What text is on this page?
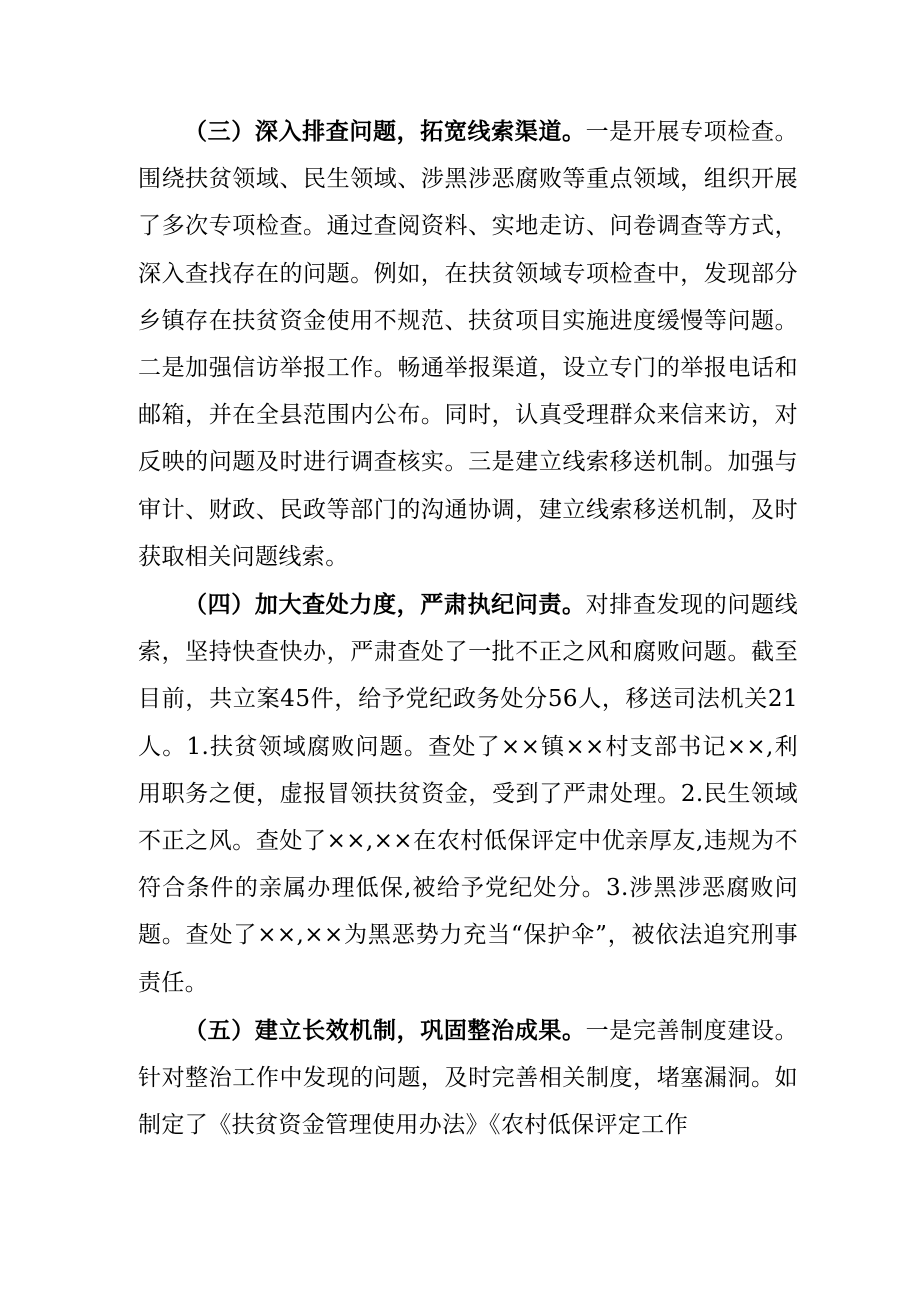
（三）深入排查问题，拓宽线索渠道。一是开展专项检查。围绕扶贫领域、民生领域、涉黑涉恶腐败等重点领域，组织开展了多次专项检查。通过查阅资料、实地走访、问卷调查等方式，深入查找存在的问题。例如，在扶贫领域专项检查中，发现部分乡镇存在扶贫资金使用不规范、扶贫项目实施进度缓慢等问题。二是加强信访举报工作。畅通举报渠道，设立专门的举报电话和邮箱，并在全县范围内公布。同时，认真受理群众来信来访，对反映的问题及时进行调查核实。三是建立线索移送机制。加强与审计、财政、民政等部门的沟通协调，建立线索移送机制，及时获取相关问题线索。

（四）加大查处力度，严肃执纪问责。对排查发现的问题线索，坚持快查快办，严肃查处了一批不正之风和腐败问题。截至目前，共立案45件，给予党纪政务处分56人，移送司法机关21人。1.扶贫领域腐败问题。查处了××镇××村支部书记××,利用职务之便，虚报冒领扶贫资金，受到了严肃处理。2.民生领域不正之风。查处了××,××在农村低保评定中优亲厚友,违规为不符合条件的亲属办理低保,被给予党纪处分。3.涉黑涉恶腐败问题。查处了××,××为黑恶势力充当“保护伞”，被依法追究刑事责任。

（五）建立长效机制，巩固整治成果。一是完善制度建设。针对整治工作中发现的问题，及时完善相关制度，堵塞漏洞。如制定了《扶贫资金管理使用办法》《农村低保评定工作
